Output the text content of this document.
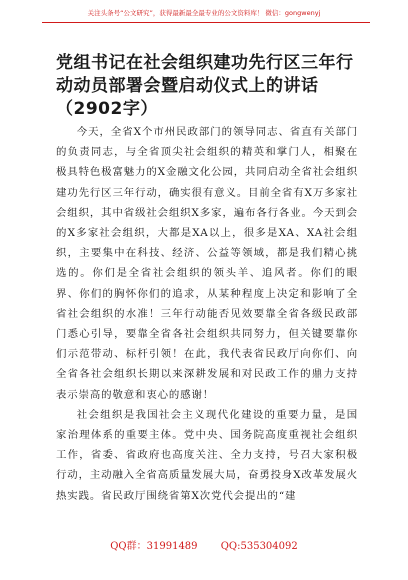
关注头条号“公文研究”，获得最新最全最专业的公文资料库！ 微信：gongwenyj
党组书记在社会组织建功先行区三年行动动员部署会暨启动仪式上的讲话（2902字）

今天，全省X个市州民政部门的领导同志、省直有关部门的负责同志，与全省顶尖社会组织的精英和掌门人，相聚在极具特色极富魅力的X金融文化公园，共同启动全省社会组织建功先行区三年行动，确实很有意义。目前全省有X万多家社会组织，其中省级社会组织X多家，遍布各行各业。今天到会的X多家社会组织，大都是XA以上，很多是XA、XA社会组织，主要集中在科技、经济、公益等领域，都是我们精心挑选的。你们是全省社会组织的领头羊、追风者。你们的眼界、你们的胸怀你们的追求，从某种程度上决定和影响了全省社会组织的水准！三年行动能否见效要靠全省各级民政部门悉心引导，要靠全省各社会组织共同努力，但关键要靠你们示范带动、标杆引领！在此，我代表省民政厅向你们、向全省各社会组织长期以来深耕发展和对民政工作的鼎力支持表示崇高的敬意和衷心的感谢！

社会组织是我国社会主义现代化建设的重要力量，是国家治理体系的重要主体。党中央、国务院高度重视社会组织工作，省委、省政府也高度关注、全力支持，号召大家积极行动，主动融入全省高质量发展大局，奋勇投身X改革发展火热实践。省民政厅围绕省第X次党代会提出的“建

QQ群：31991489 QQ:535304092
